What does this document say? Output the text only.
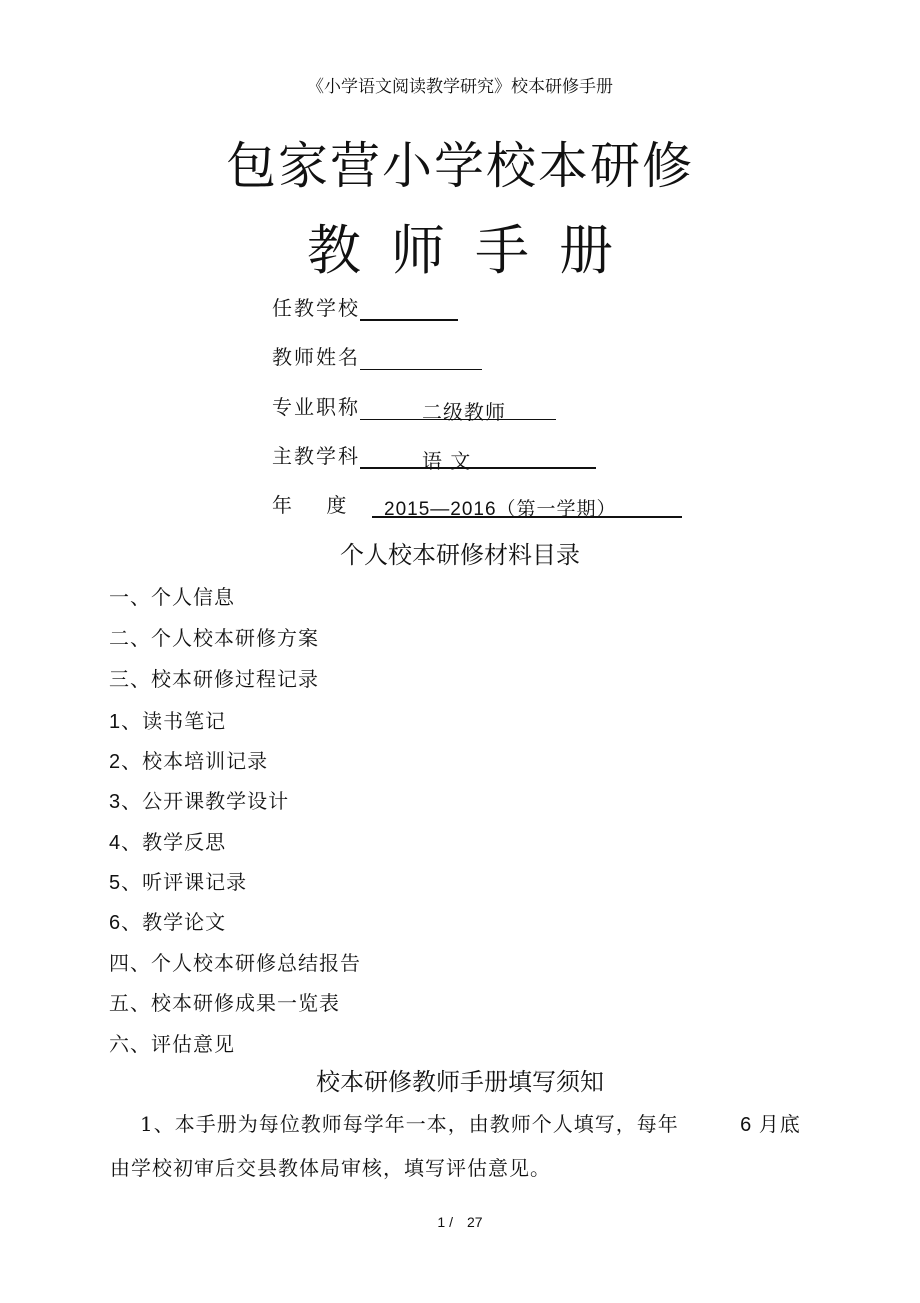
《小学语文阅读教学研究》校本研修手册
包家营小学校本研修
教师手册
任教学校
教师姓名
专业职称	二级教师
主教学科	语 文
年 度	2015—2016（第一学期）
个人校本研修材料目录
一、个人信息
二、个人校本研修方案
三、校本研修过程记录
1、读书笔记
2、校本培训记录
3、公开课教学设计
4、教学反思
5、听评课记录
6、教学论文
四、个人校本研修总结报告
五、校本研修成果一览表
六、评估意见
校本研修教师手册填写须知
1、本手册为每位教师每学年一本，由教师个人填写，每年	6 月底
由学校初审后交县教体局审核，填写评估意见。
1 /　27
